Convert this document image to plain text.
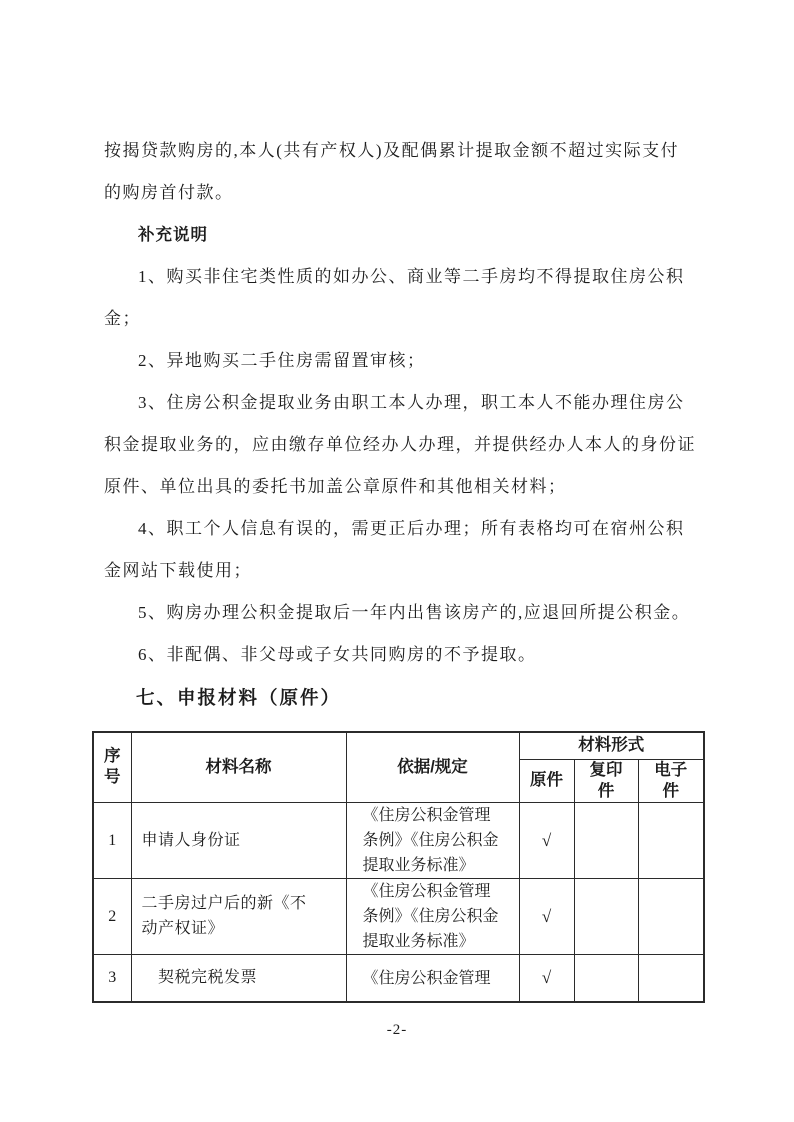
按揭贷款购房的,本人(共有产权人)及配偶累计提取金额不超过实际支付
的购房首付款。
补充说明
1、购买非住宅类性质的如办公、商业等二手房均不得提取住房公积
金；
2、异地购买二手住房需留置审核；
3、住房公积金提取业务由职工本人办理，职工本人不能办理住房公
积金提取业务的，应由缴存单位经办人办理，并提供经办人本人的身份证
原件、单位出具的委托书加盖公章原件和其他相关材料；
4、职工个人信息有误的，需更正后办理；所有表格均可在宿州公积
金网站下载使用；
5、购房办理公积金提取后一年内出售该房产的,应退回所提公积金。
6、非配偶、非父母或子女共同购房的不予提取。
七、申报材料（原件）
序号	材料名称	依据/规定	材料形式		
			原件	复印件	电子件
1	申请人身份证	《住房公积金管理条例》《住房公积金提取业务标准》	√		
2	二手房过户后的新《不动产权证》	《住房公积金管理条例》《住房公积金提取业务标准》	√		
3	　契税完税发票	《住房公积金管理	√		
-2-
